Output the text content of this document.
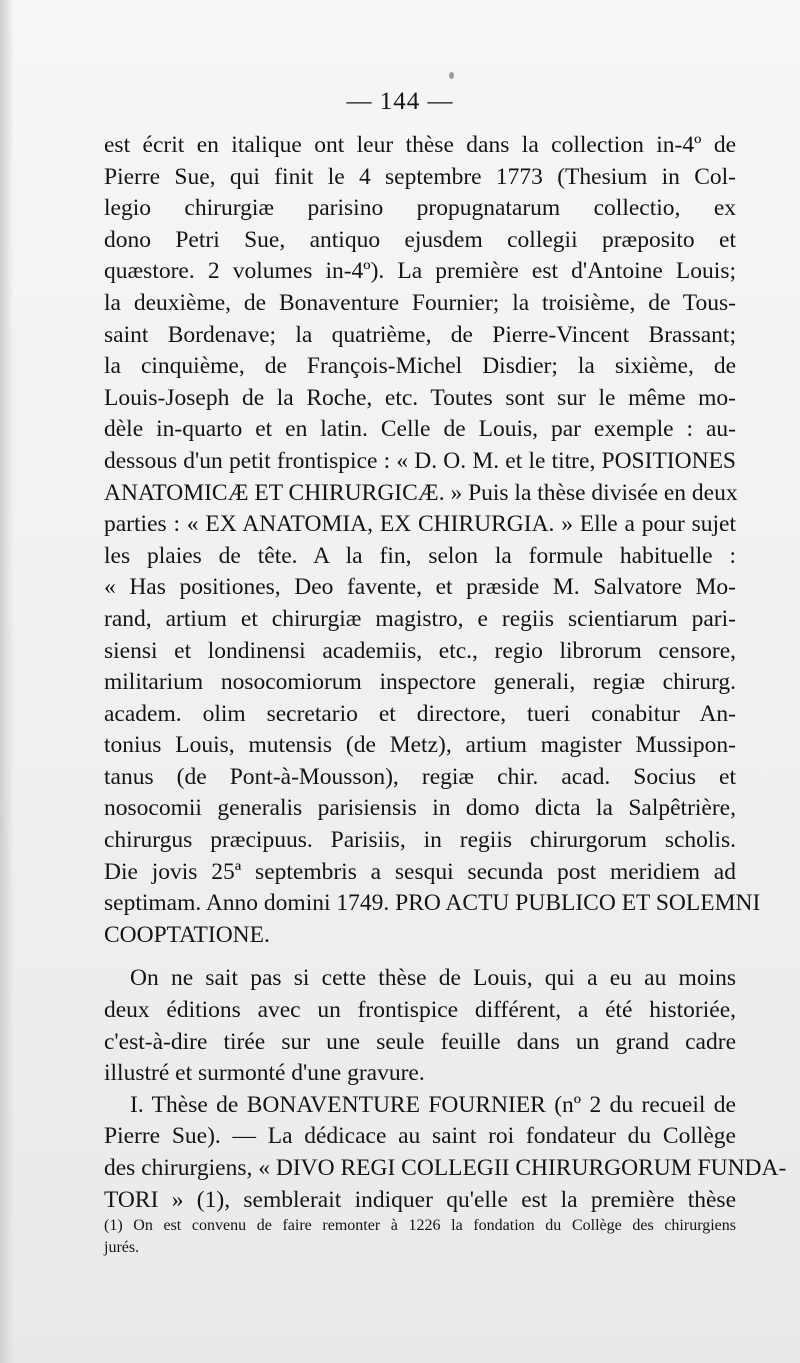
— 144 —
est écrit en italique ont leur thèse dans la collection in-4º de
Pierre Sue, qui finit le 4 septembre 1773 (Thesium in Col-
legio chirurgiæ parisino propugnatarum collectio, ex
dono Petri Sue, antiquo ejusdem collegii præposito et
quæstore. 2 volumes in-4º). La première est d'Antoine Louis;
la deuxième, de Bonaventure Fournier; la troisième, de Tous-
saint Bordenave; la quatrième, de Pierre-Vincent Brassant;
la cinquième, de François-Michel Disdier; la sixième, de
Louis-Joseph de la Roche, etc. Toutes sont sur le même mo-
dèle in-quarto et en latin. Celle de Louis, par exemple : au-
dessous d'un petit frontispice : « D. O. M. et le titre, POSITIONES
ANATOMICÆ ET CHIRURGICÆ. » Puis la thèse divisée en deux
parties : « EX ANATOMIA, EX CHIRURGIA. » Elle a pour sujet
les plaies de tête. A la fin, selon la formule habituelle :
« Has positiones, Deo favente, et præside M. Salvatore Mo-
rand, artium et chirurgiæ magistro, e regiis scientiarum pari-
siensi et londinensi academiis, etc., regio librorum censore,
militarium nosocomiorum inspectore generali, regiæ chirurg.
academ. olim secretario et directore, tueri conabitur An-
tonius Louis, mutensis (de Metz), artium magister Mussipon-
tanus (de Pont-à-Mousson), regiæ chir. acad. Socius et
nosocomii generalis parisiensis in domo dicta la Salpêtrière,
chirurgus præcipuus. Parisiis, in regiis chirurgorum scholis.
Die jovis 25ª septembris a sesqui secunda post meridiem ad
septimam. Anno domini 1749. PRO ACTU PUBLICO ET SOLEMNI
COOPTATIONE.
On ne sait pas si cette thèse de Louis, qui a eu au moins
deux éditions avec un frontispice différent, a été historiée,
c'est-à-dire tirée sur une seule feuille dans un grand cadre
illustré et surmonté d'une gravure.
I. Thèse de BONAVENTURE FOURNIER (nº 2 du recueil de
Pierre Sue). — La dédicace au saint roi fondateur du Collège
des chirurgiens, « DIVO REGI COLLEGII CHIRURGORUM FUNDA-
TORI » (1), semblerait indiquer qu'elle est la première thèse
(1) On est convenu de faire remonter à 1226 la fondation du Collège des chirurgiens
jurés.
